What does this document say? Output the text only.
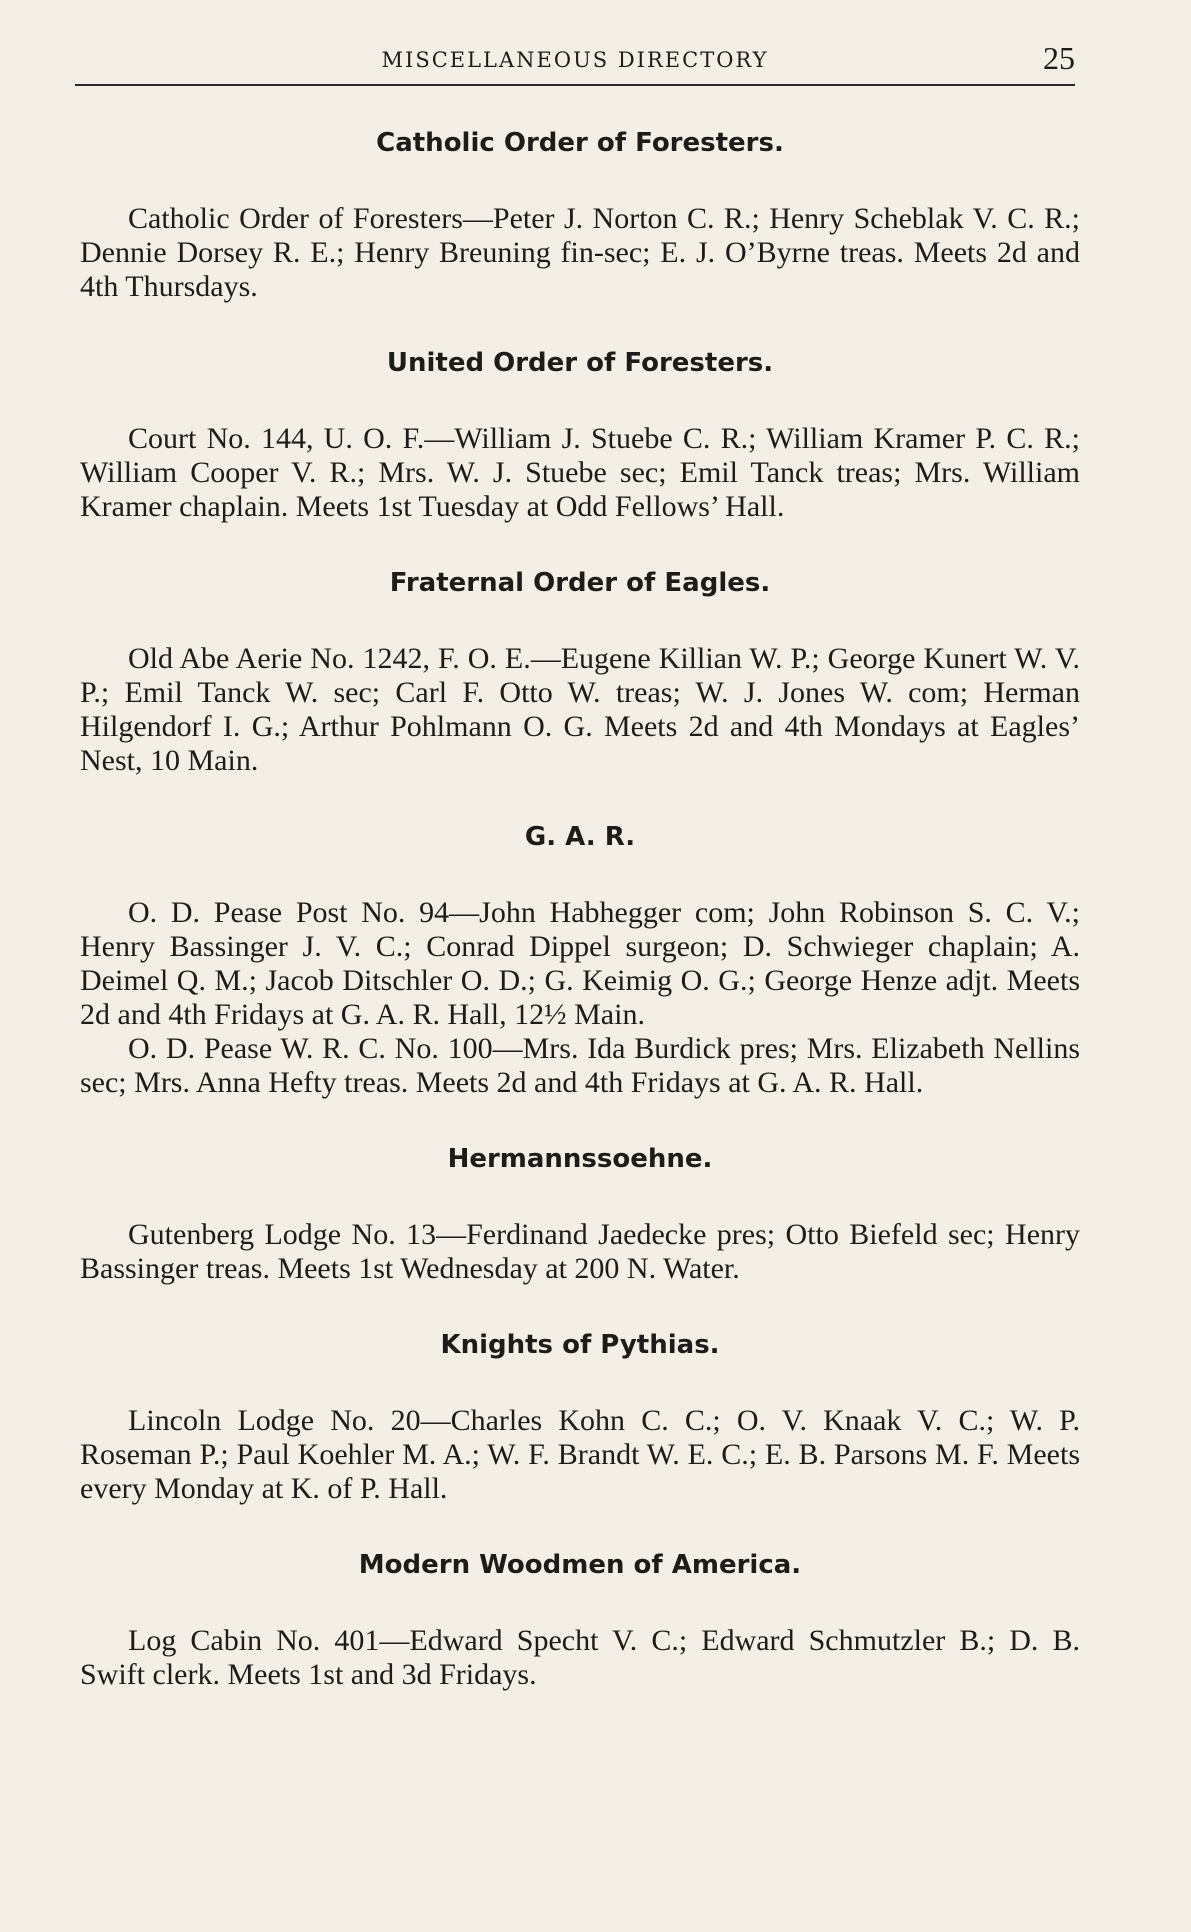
MISCELLANEOUS DIRECTORY	25
Catholic Order of Foresters.

Catholic Order of Foresters—Peter J. Norton C. R.; Henry Scheblak V. C. R.; Dennie Dorsey R. E.; Henry Breuning fin-sec; E. J. O’Byrne treas. Meets 2d and 4th Thursdays.

United Order of Foresters.

Court No. 144, U. O. F.—William J. Stuebe C. R.; William Kramer P. C. R.; William Cooper V. R.; Mrs. W. J. Stuebe sec; Emil Tanck treas; Mrs. William Kramer chaplain. Meets 1st Tuesday at Odd Fellows’ Hall.

Fraternal Order of Eagles.

Old Abe Aerie No. 1242, F. O. E.—Eugene Killian W. P.; George Kunert W. V. P.; Emil Tanck W. sec; Carl F. Otto W. treas; W. J. Jones W. com; Herman Hilgendorf I. G.; Arthur Pohlmann O. G. Meets 2d and 4th Mondays at Eagles’ Nest, 10 Main.

G. A. R.

O. D. Pease Post No. 94—John Habhegger com; John Robinson S. C. V.; Henry Bassinger J. V. C.; Conrad Dippel surgeon; D. Schwieger chaplain; A. Deimel Q. M.; Jacob Ditschler O. D.; G. Keimig O. G.; George Henze adjt. Meets 2d and 4th Fridays at G. A. R. Hall, 12½ Main.

O. D. Pease W. R. C. No. 100—Mrs. Ida Burdick pres; Mrs. Elizabeth Nellins sec; Mrs. Anna Hefty treas. Meets 2d and 4th Fridays at G. A. R. Hall.

Hermannssoehne.

Gutenberg Lodge No. 13—Ferdinand Jaedecke pres; Otto Biefeld sec; Henry Bassinger treas. Meets 1st Wednesday at 200 N. Water.

Knights of Pythias.

Lincoln Lodge No. 20—Charles Kohn C. C.; O. V. Knaak V. C.; W. P. Roseman P.; Paul Koehler M. A.; W. F. Brandt W. E. C.; E. B. Parsons M. F. Meets every Monday at K. of P. Hall.

Modern Woodmen of America.

Log Cabin No. 401—Edward Specht V. C.; Edward Schmutzler B.; D. B. Swift clerk. Meets 1st and 3d Fridays.
